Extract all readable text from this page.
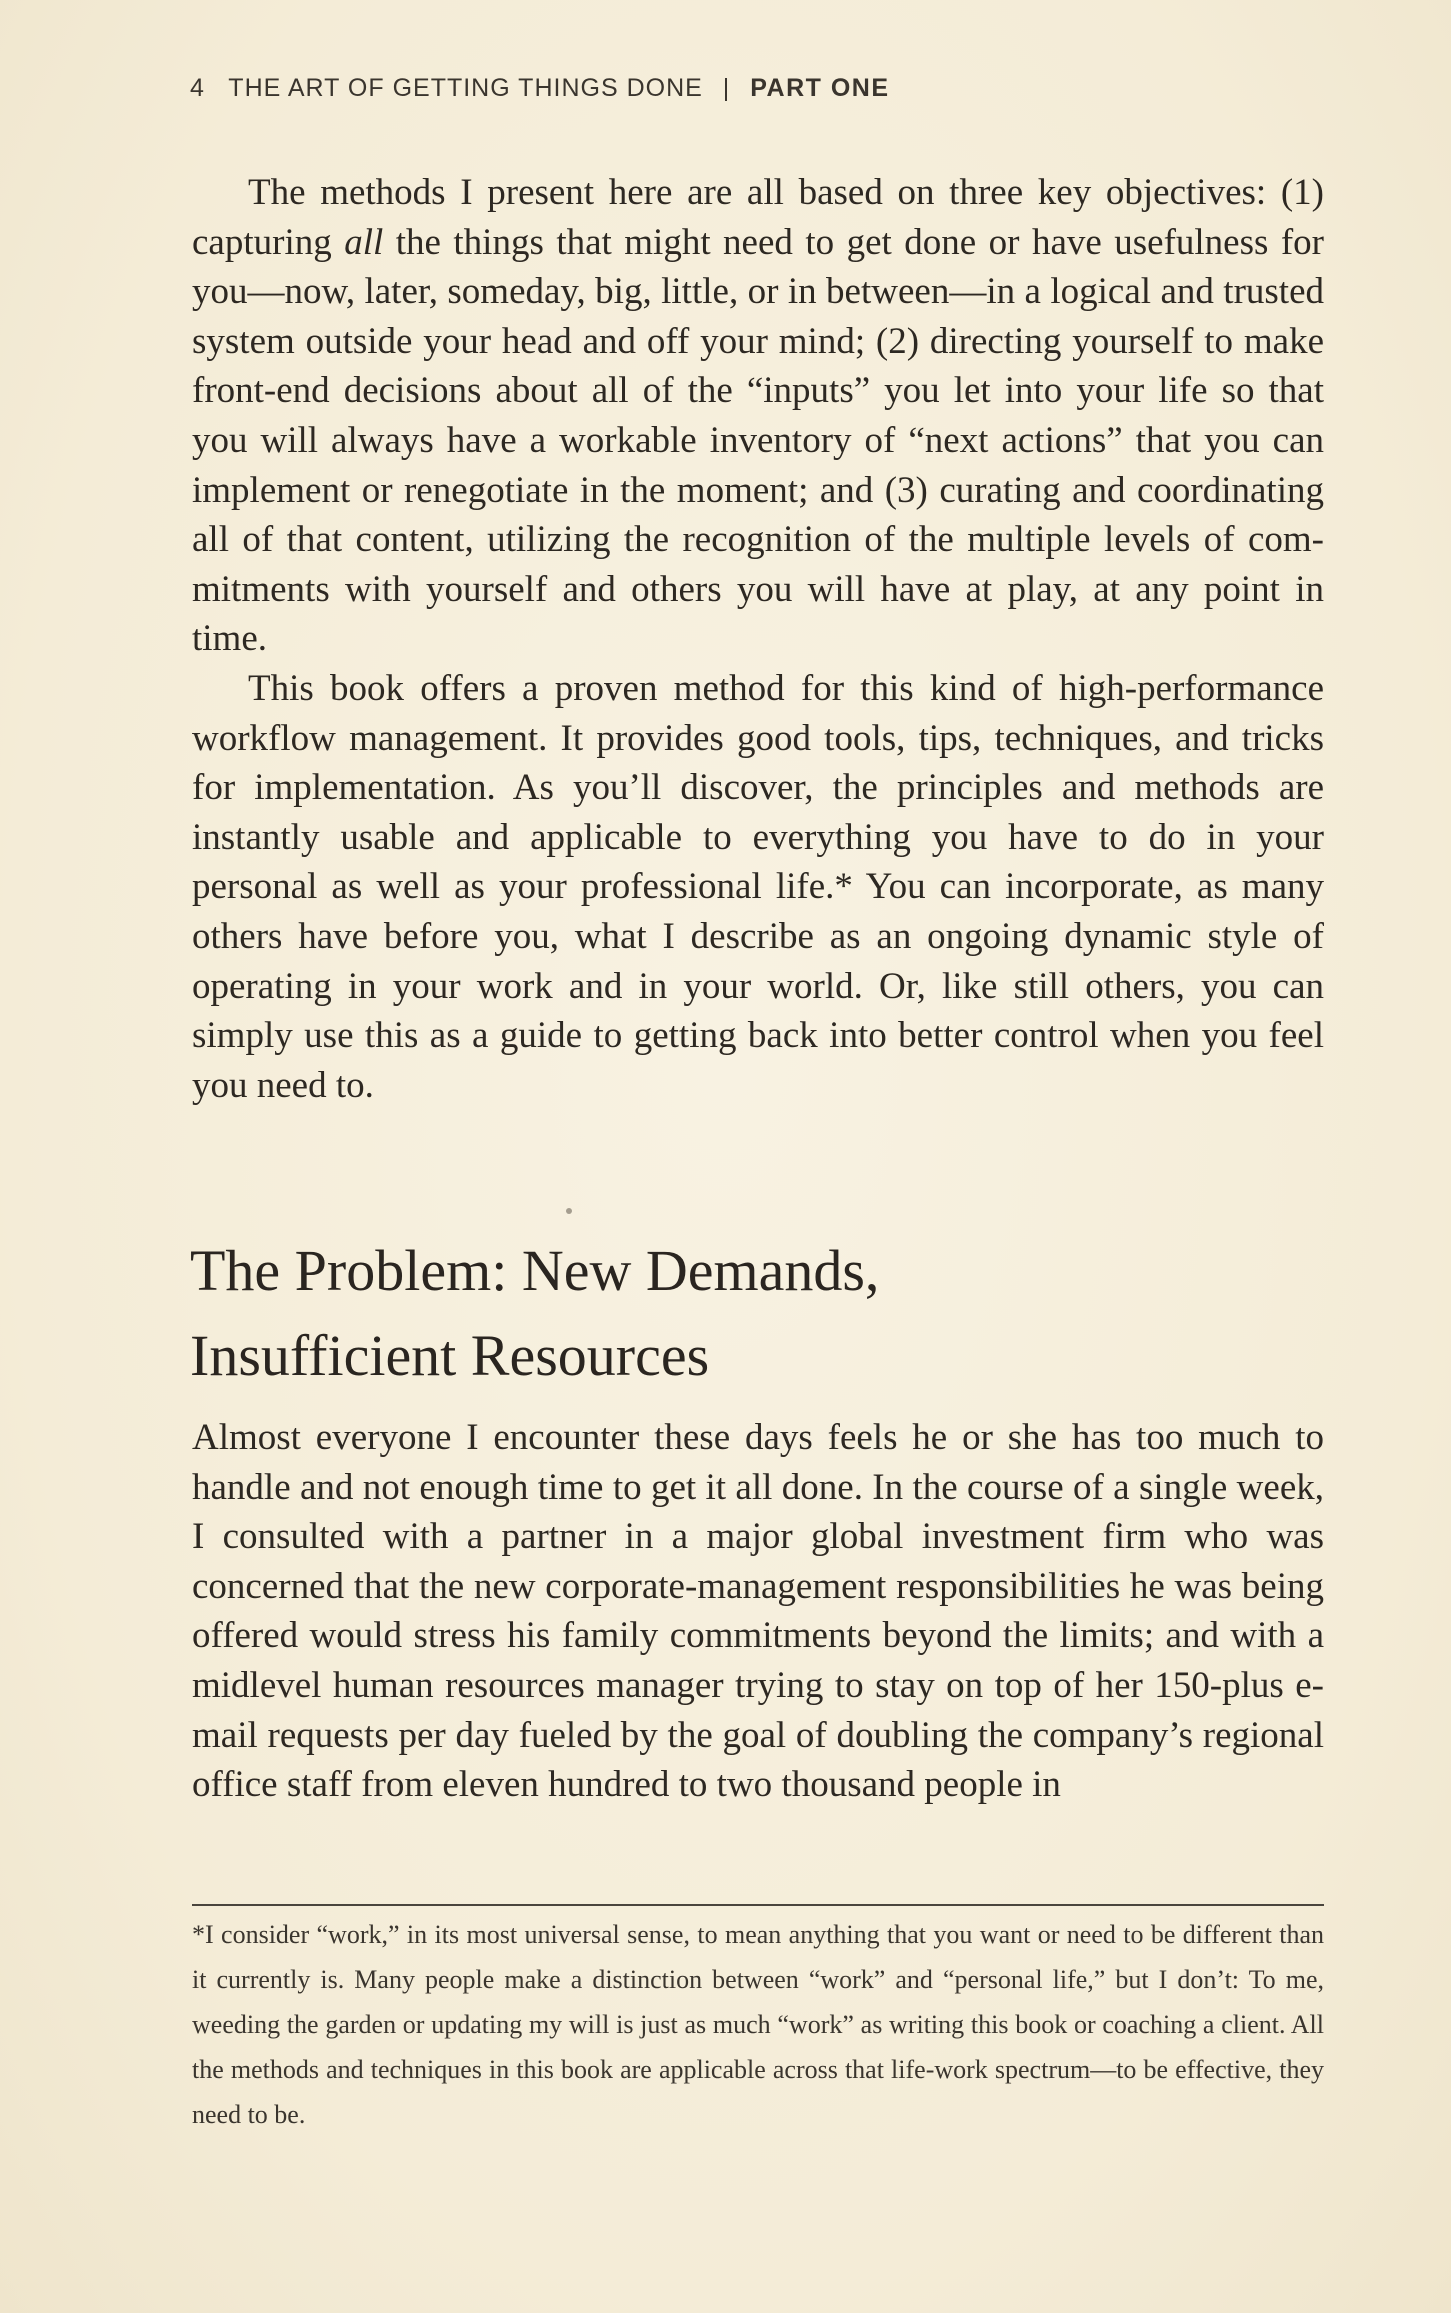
4 THE ART OF GETTING THINGS DONE | PART ONE

The methods I present here are all based on three key objectives: (1) capturing all the things that might need to get done or have usefulness for you—now, later, someday, big, little, or in between—in a logical and trusted system outside your head and off your mind; (2) directing yourself to make front-end decisions about all of the “inputs” you let into your life so that you will always have a workable inventory of “next actions” that you can implement or renegotiate in the moment; and (3) curating and coordinating all of that content, utilizing the recognition of the multiple levels of commitments with yourself and others you will have at play, at any point in time.

This book offers a proven method for this kind of high-performance workflow management. It provides good tools, tips, techniques, and tricks for implementation. As you’ll discover, the principles and methods are instantly usable and applicable to everything you have to do in your personal as well as your professional life.* You can incorporate, as many others have before you, what I describe as an ongoing dynamic style of operating in your work and in your world. Or, like still others, you can simply use this as a guide to getting back into better control when you feel you need to.

The Problem: New Demands,
Insufficient Resources

Almost everyone I encounter these days feels he or she has too much to handle and not enough time to get it all done. In the course of a single week, I consulted with a partner in a major global investment firm who was concerned that the new corporate-management responsibilities he was being offered would stress his family commitments beyond the limits; and with a midlevel human resources manager trying to stay on top of her 150-plus e-mail requests per day fueled by the goal of doubling the company’s regional office staff from eleven hundred to two thousand people in

*I consider “work,” in its most universal sense, to mean anything that you want or need to be different than it currently is. Many people make a distinction between “work” and “personal life,” but I don’t: To me, weeding the garden or updating my will is just as much “work” as writing this book or coaching a client. All the methods and techniques in this book are applicable across that life-work spectrum—to be effective, they need to be.
